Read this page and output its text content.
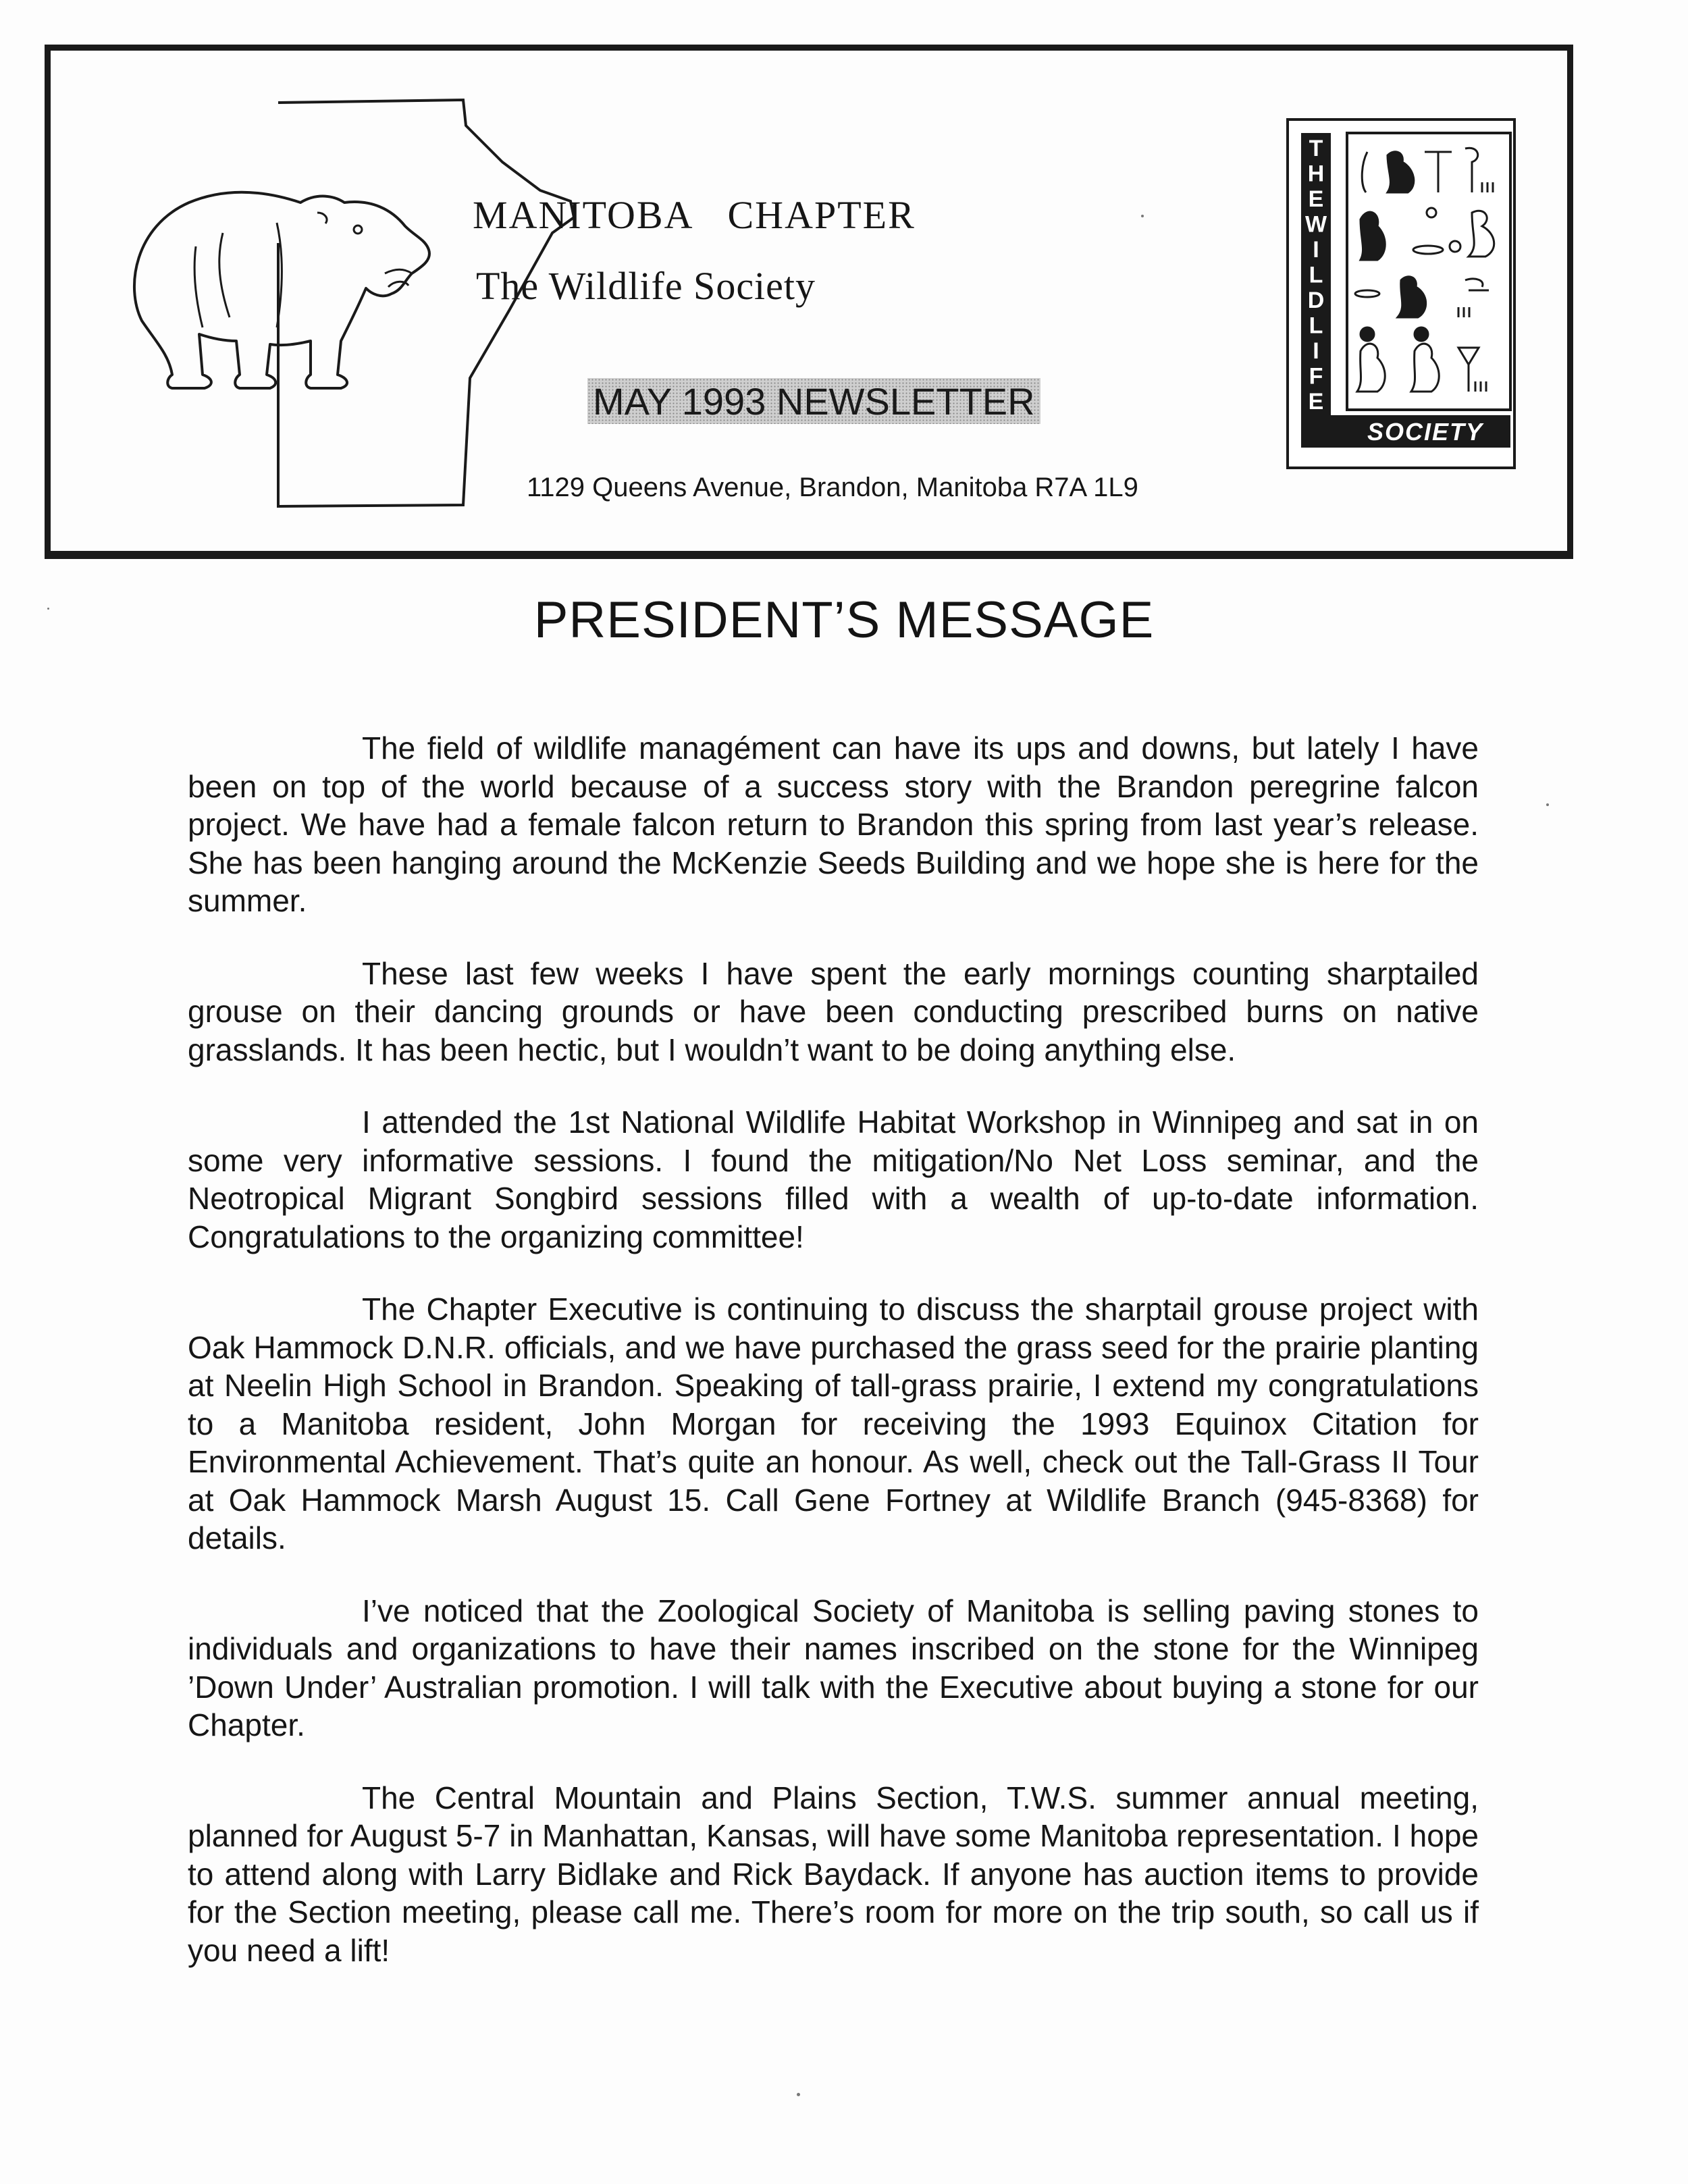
MANITOBA CHAPTER
The Wildlife Society
MAY 1993 NEWSLETTER
1129 Queens Avenue, Brandon, Manitoba R7A 1L9
T
H
E
W
I
L
D
L
I
F
E
SOCIETY
PRESIDENT’S MESSAGE

The field of wildlife managément can have its ups and downs, but lately I have been on top of the world because of a success story with the Brandon peregrine falcon project. We have had a female falcon return to Brandon this spring from last year’s release. She has been hanging around the McKenzie Seeds Building and we hope she is here for the summer.

These last few weeks I have spent the early mornings counting sharptailed grouse on their dancing grounds or have been conducting prescribed burns on native grasslands. It has been hectic, but I wouldn’t want to be doing anything else.

I attended the 1st National Wildlife Habitat Workshop in Winnipeg and sat in on some very informative sessions. I found the mitigation/No Net Loss seminar, and the Neotropical Migrant Songbird sessions filled with a wealth of up-to-date information. Congratulations to the organizing committee!

The Chapter Executive is continuing to discuss the sharptail grouse project with Oak Hammock D.N.R. officials, and we have purchased the grass seed for the prairie planting at Neelin High School in Brandon. Speaking of tall-grass prairie, I extend my congratulations to a Manitoba resident, John Morgan for receiving the 1993 Equinox Citation for Environmental Achievement. That’s quite an honour. As well, check out the Tall-Grass II Tour at Oak Hammock Marsh August 15. Call Gene Fortney at Wildlife Branch (945-8368) for details.

I’ve noticed that the Zoological Society of Manitoba is selling paving stones to individuals and organizations to have their names inscribed on the stone for the Winnipeg ’Down Under’ Australian promotion. I will talk with the Executive about buying a stone for our Chapter.

The Central Mountain and Plains Section, T.W.S. summer annual meeting, planned for August 5-7 in Manhattan, Kansas, will have some Manitoba representation. I hope to attend along with Larry Bidlake and Rick Baydack. If anyone has auction items to provide for the Section meeting, please call me. There’s room for more on the trip south, so call us if you need a lift!
